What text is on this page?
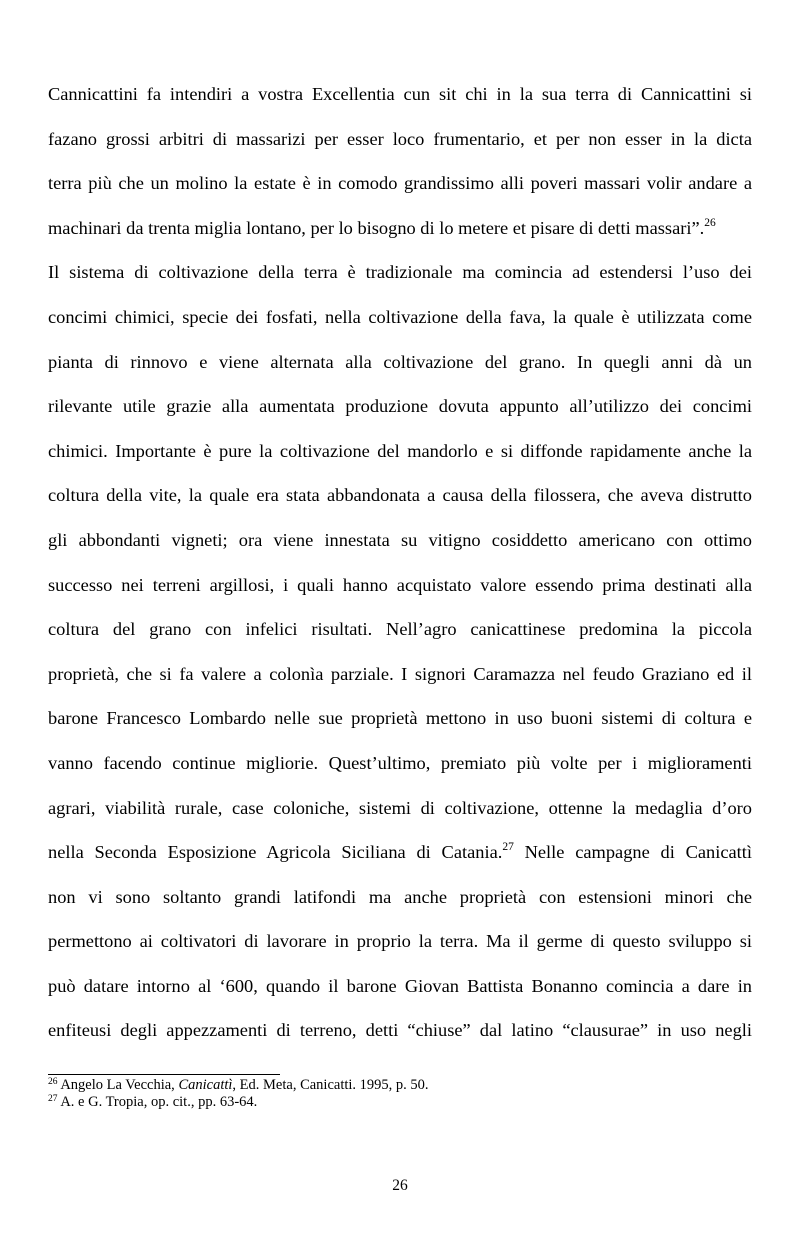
Cannicattini fa intendiri a vostra Excellentia cun sit chi in la sua terra di Cannicattini si
fazano grossi arbitri di massarizi per esser loco frumentario, et per non esser in la dicta
terra più che un molino la estate è in comodo grandissimo alli poveri massari volir andare a
machinari da trenta miglia lontano, per lo bisogno di lo metere et pisare di detti massari”.$^{26}$
Il sistema di coltivazione della terra è tradizionale ma comincia ad estendersi l’uso dei
concimi chimici, specie dei fosfati, nella coltivazione della fava, la quale è utilizzata come
pianta di rinnovo e viene alternata alla coltivazione del grano. In quegli anni dà un
rilevante utile grazie alla aumentata produzione dovuta appunto all’utilizzo dei concimi
chimici. Importante è pure la coltivazione del mandorlo e si diffonde rapidamente anche la
coltura della vite, la quale era stata abbandonata a causa della filossera, che aveva distrutto
gli abbondanti vigneti; ora viene innestata su vitigno cosiddetto americano con ottimo
successo nei terreni argillosi, i quali hanno acquistato valore essendo prima destinati alla
coltura del grano con infelici risultati. Nell’agro canicattinese predomina la piccola
proprietà, che si fa valere a colonìa parziale. I signori Caramazza nel feudo Graziano ed il
barone Francesco Lombardo nelle sue proprietà mettono in uso buoni sistemi di coltura e
vanno facendo continue migliorie. Quest’ultimo, premiato più volte per i miglioramenti
agrari, viabilità rurale, case coloniche, sistemi di coltivazione, ottenne la medaglia d’oro
nella Seconda Esposizione Agricola Siciliana di Catania.$^{27}$ Nelle campagne di Canicattì
non vi sono soltanto grandi latifondi ma anche proprietà con estensioni minori che
permettono ai coltivatori di lavorare in proprio la terra. Ma il germe di questo sviluppo si
può datare intorno al ‘600, quando il barone Giovan Battista Bonanno comincia a dare in
enfiteusi degli appezzamenti di terreno, detti “chiuse” dal latino “clausurae” in uso negli
$^{26}$ Angelo La Vecchia, Canicattì, Ed. Meta, Canicatti. 1995, p. 50.
$^{27}$ A. e G. Tropia, op. cit., pp. 63-64.
26
